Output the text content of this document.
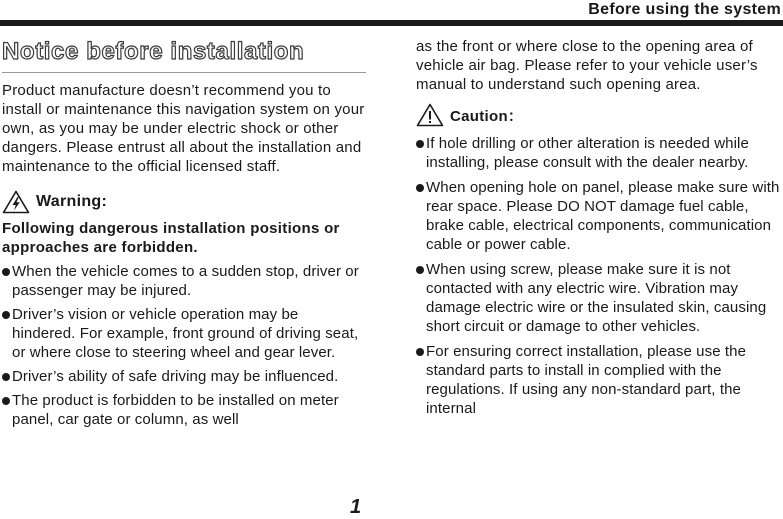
Before using the system
Notice before installation
Product manufacture doesn’t recommend you to install or maintenance this navigation system on your own, as you may be under electric shock or other dangers. Please entrust all about the installation and maintenance to the official licensed staff.
Warning:
Following dangerous installation positions or approaches are forbidden.
When the vehicle comes to a sudden stop, driver or passenger may be injured.
Driver’s vision or vehicle operation may be hindered. For example, front ground of driving seat, or where close to steering wheel and gear lever.
Driver’s ability of safe driving may be influenced.
The product is forbidden to be installed on meter panel, car gate or column, as well
as the front or where close to the opening area of vehicle air bag. Please refer to your vehicle user’s manual to understand such opening area.
Caution：
If hole drilling or other alteration is needed while installing, please consult with the dealer nearby.
When opening hole on panel, please make sure with rear space. Please DO NOT damage fuel cable, brake cable, electrical components, communication cable or power cable.
When using screw, please make sure it is not contacted with any electric wire. Vibration may damage electric wire or the insulated skin, causing short circuit or damage to other vehicles.
For ensuring correct installation, please use the standard parts to install in complied with the regulations. If using any non-standard part, the internal
1
